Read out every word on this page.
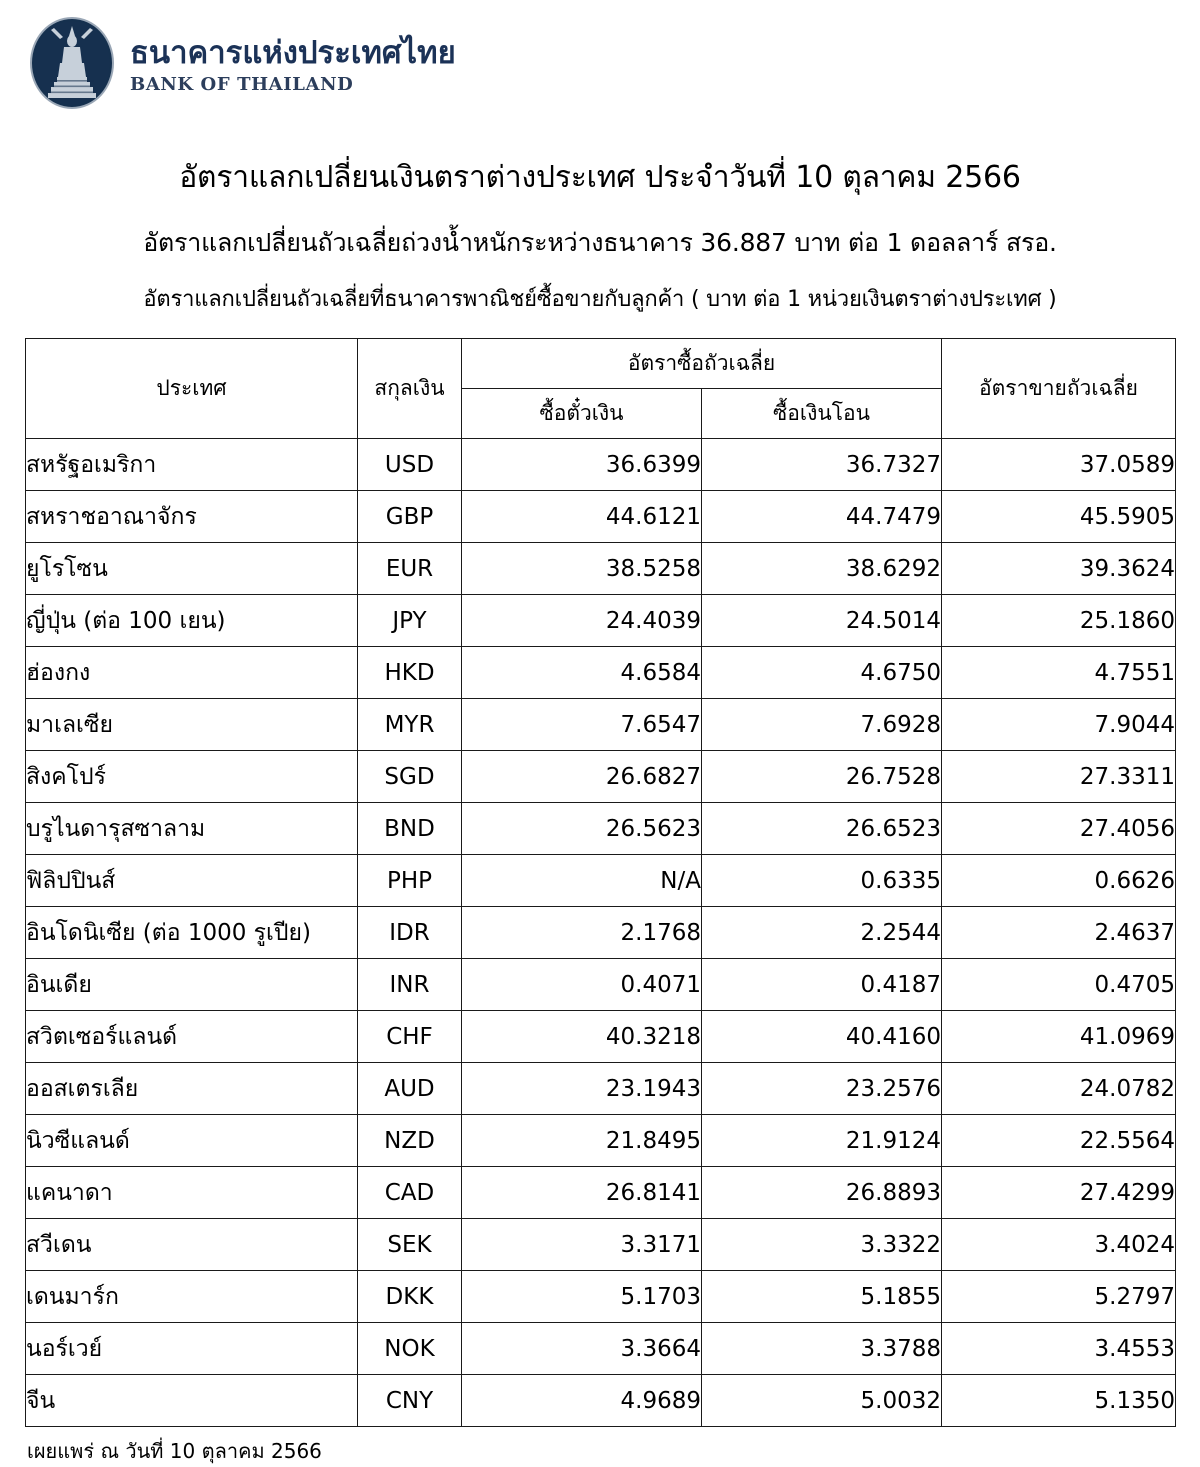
ธนาคารแห่งประเทศไทย
BANK OF THAILAND
อัตราแลกเปลี่ยนเงินตราต่างประเทศ ประจำวันที่ 10 ตุลาคม 2566
อัตราแลกเปลี่ยนถัวเฉลี่ยถ่วงน้ำหนักระหว่างธนาคาร 36.887 บาท ต่อ 1 ดอลลาร์ สรอ.
อัตราแลกเปลี่ยนถัวเฉลี่ยที่ธนาคารพาณิชย์ซื้อขายกับลูกค้า ( บาท ต่อ 1 หน่วยเงินตราต่างประเทศ )
ประเทศ	สกุลเงิน	อัตราซื้อถัวเฉลี่ย		อัตราขายถัวเฉลี่ย
		ซื้อตั๋วเงิน	ซื้อเงินโอน	
สหรัฐอเมริกา	USD	36.6399	36.7327	37.0589
สหราชอาณาจักร	GBP	44.6121	44.7479	45.5905
ยูโรโซน	EUR	38.5258	38.6292	39.3624
ญี่ปุ่น (ต่อ 100 เยน)	JPY	24.4039	24.5014	25.1860
ฮ่องกง	HKD	4.6584	4.6750	4.7551
มาเลเซีย	MYR	7.6547	7.6928	7.9044
สิงคโปร์	SGD	26.6827	26.7528	27.3311
บรูไนดารุสซาลาม	BND	26.5623	26.6523	27.4056
ฟิลิปปินส์	PHP	N/A	0.6335	0.6626
อินโดนิเซีย (ต่อ 1000 รูเปีย)	IDR	2.1768	2.2544	2.4637
อินเดีย	INR	0.4071	0.4187	0.4705
สวิตเซอร์แลนด์	CHF	40.3218	40.4160	41.0969
ออสเตรเลีย	AUD	23.1943	23.2576	24.0782
นิวซีแลนด์	NZD	21.8495	21.9124	22.5564
แคนาดา	CAD	26.8141	26.8893	27.4299
สวีเดน	SEK	3.3171	3.3322	3.4024
เดนมาร์ก	DKK	5.1703	5.1855	5.2797
นอร์เวย์	NOK	3.3664	3.3788	3.4553
จีน	CNY	4.9689	5.0032	5.1350
เผยแพร่ ณ วันที่ 10 ตุลาคม 2566
